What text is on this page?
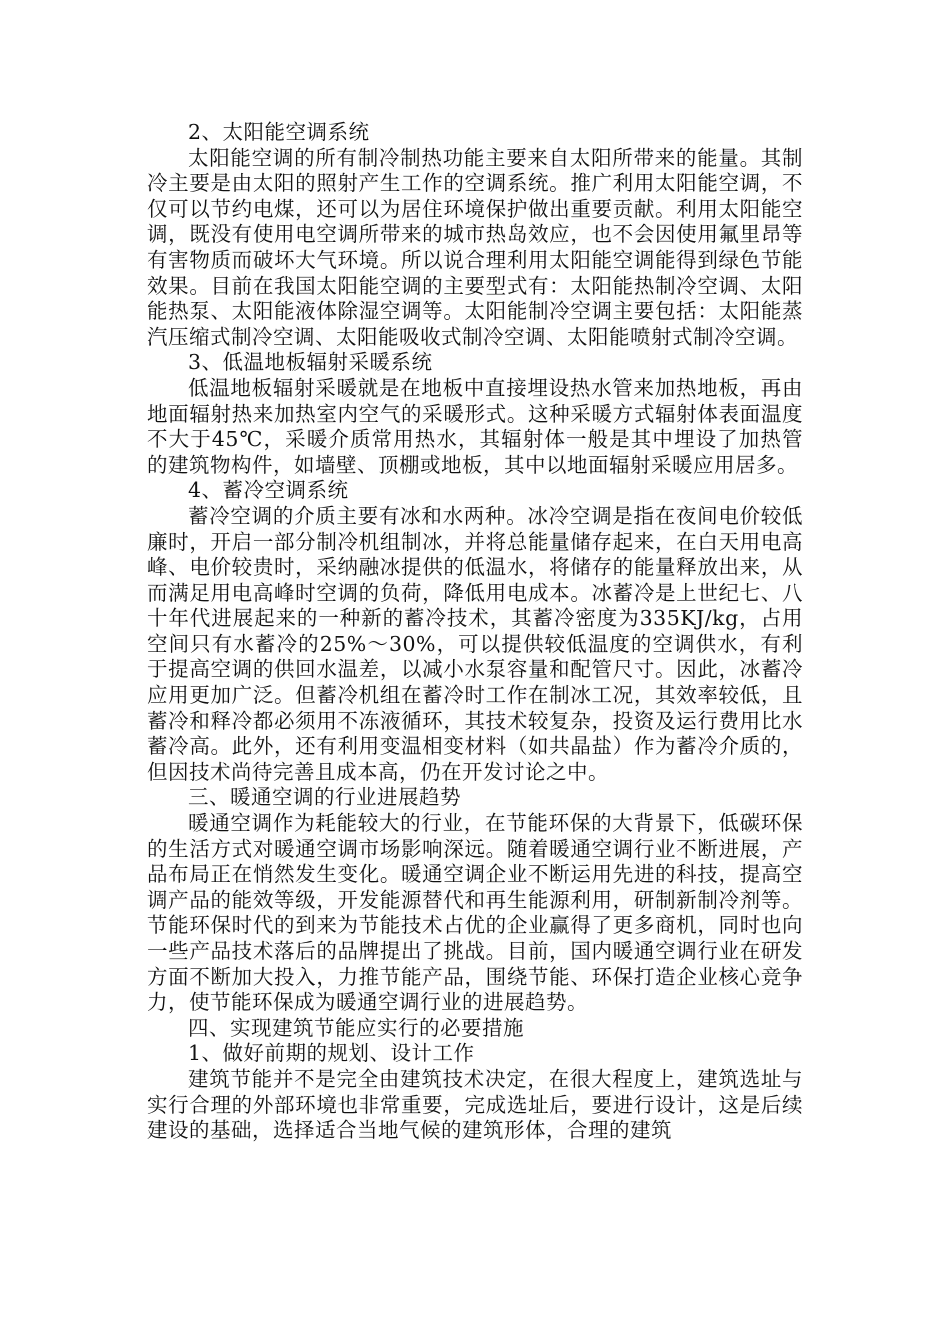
2、太阳能空调系统

太阳能空调的所有制冷制热功能主要来自太阳所带来的能量。其制冷主要是由太阳的照射产生工作的空调系统。推广利用太阳能空调，不仅可以节约电煤，还可以为居住环境保护做出重要贡献。利用太阳能空调，既没有使用电空调所带来的城市热岛效应，也不会因使用氟里昂等有害物质而破坏大气环境。所以说合理利用太阳能空调能得到绿色节能效果。目前在我国太阳能空调的主要型式有：太阳能热制冷空调、太阳能热泵、太阳能液体除湿空调等。太阳能制冷空调主要包括：太阳能蒸汽压缩式制冷空调、太阳能吸收式制冷空调、太阳能喷射式制冷空调。

3、低温地板辐射采暖系统

低温地板辐射采暖就是在地板中直接埋设热水管来加热地板，再由地面辐射热来加热室内空气的采暖形式。这种采暖方式辐射体表面温度不大于45℃，采暖介质常用热水，其辐射体一般是其中埋设了加热管的建筑物构件，如墙壁、顶棚或地板，其中以地面辐射采暖应用居多。

4、蓄冷空调系统

蓄冷空调的介质主要有冰和水两种。冰冷空调是指在夜间电价较低廉时，开启一部分制冷机组制冰，并将总能量储存起来，在白天用电高峰、电价较贵时，采纳融冰提供的低温水，将储存的能量释放出来，从而满足用电高峰时空调的负荷，降低用电成本。冰蓄冷是上世纪七、八十年代进展起来的一种新的蓄冷技术，其蓄冷密度为335KJ/kg，占用空间只有水蓄冷的25%～30%，可以提供较低温度的空调供水，有利于提高空调的供回水温差，以减小水泵容量和配管尺寸。因此，冰蓄冷应用更加广泛。但蓄冷机组在蓄冷时工作在制冰工况，其效率较低，且蓄冷和释冷都必须用不冻液循环，其技术较复杂，投资及运行费用比水蓄冷高。此外，还有利用变温相变材料（如共晶盐）作为蓄冷介质的，但因技术尚待完善且成本高，仍在开发讨论之中。

三、暖通空调的行业进展趋势

暖通空调作为耗能较大的行业，在节能环保的大背景下，低碳环保的生活方式对暖通空调市场影响深远。随着暖通空调行业不断进展，产品布局正在悄然发生变化。暖通空调企业不断运用先进的科技，提高空调产品的能效等级，开发能源替代和再生能源利用，研制新制冷剂等。节能环保时代的到来为节能技术占优的企业赢得了更多商机，同时也向一些产品技术落后的品牌提出了挑战。目前，国内暖通空调行业在研发方面不断加大投入，力推节能产品，围绕节能、环保打造企业核心竞争力，使节能环保成为暖通空调行业的进展趋势。

四、实现建筑节能应实行的必要措施

1、做好前期的规划、设计工作

建筑节能并不是完全由建筑技术决定，在很大程度上，建筑选址与实行合理的外部环境也非常重要，完成选址后，要进行设计，这是后续建设的基础，选择适合当地气候的建筑形体，合理的建筑
